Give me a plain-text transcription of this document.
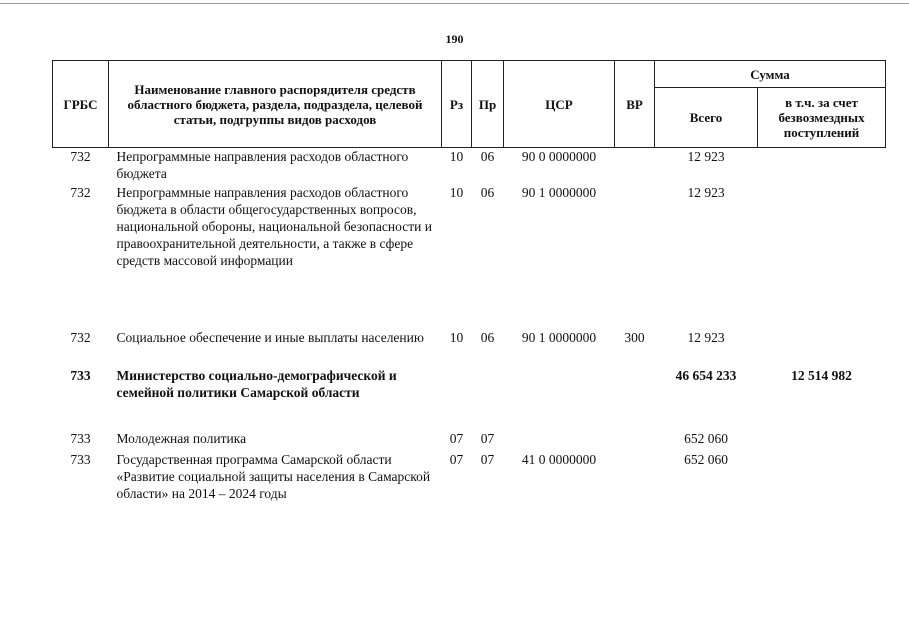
190
ГРБС	Наименование главного распорядителя средств областного бюджета, раздела, подраздела, целевой статьи, подгруппы видов расходов	Рз	Пр	ЦСР	ВР	Сумма	
						Всего	в т.ч. за счет безвозмездных поступлений
732	Непрограммные направления расходов областного бюджета	10	06	90 0 0000000		12 923	
732	Непрограммные направления расходов областного бюджета в области общегосударственных вопросов, национальной обороны, национальной безопасности и правоохранительной деятельности, а также в сфере средств массовой информации	10	06	90 1 0000000		12 923	
732	Социальное обеспечение и иные выплаты населению	10	06	90 1 0000000	300	12 923	
733	Министерство социально-демографической и семейной политики Самарской области					46 654 233	12 514 982
733	Молодежная политика	07	07			652 060	
733	Государственная программа Самарской области «Развитие социальной защиты населения в Самарской области» на 2014 – 2024 годы	07	07	41 0 0000000		652 060	
